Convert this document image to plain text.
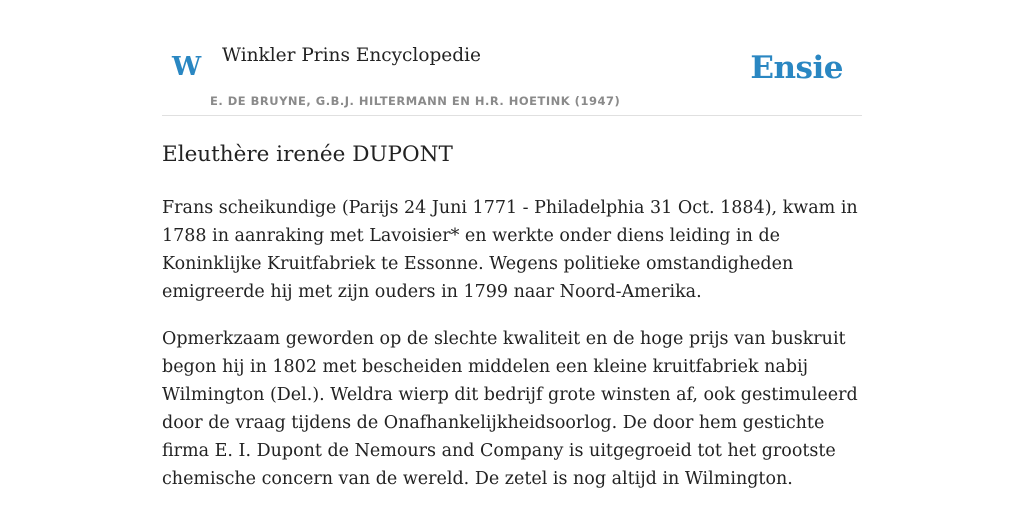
W Winkler Prins Encyclopedie
E. DE BRUYNE, G.B.J. HILTERMANN EN H.R. HOETINK (1947)
Ensie
Eleuthère irenée DUPONT

Frans scheikundige (Parijs 24 Juni 1771 - Philadelphia 31 Oct. 1884), kwam in 1788 in aanraking met Lavoisier* en werkte onder diens leiding in de Koninklijke Kruitfabriek te Essonne. Wegens politieke omstandigheden emigreerde hij met zijn ouders in 1799 naar Noord-Amerika.

Opmerkzaam geworden op de slechte kwaliteit en de hoge prijs van buskruit begon hij in 1802 met bescheiden middelen een kleine kruitfabriek nabij Wilmington (Del.). Weldra wierp dit bedrijf grote winsten af, ook gestimuleerd door de vraag tijdens de Onafhankelijkheidsoorlog. De door hem gestichte firma E. I. Dupont de Nemours and Company is uitgegroeid tot het grootste chemische concern van de wereld. De zetel is nog altijd in Wilmington.
